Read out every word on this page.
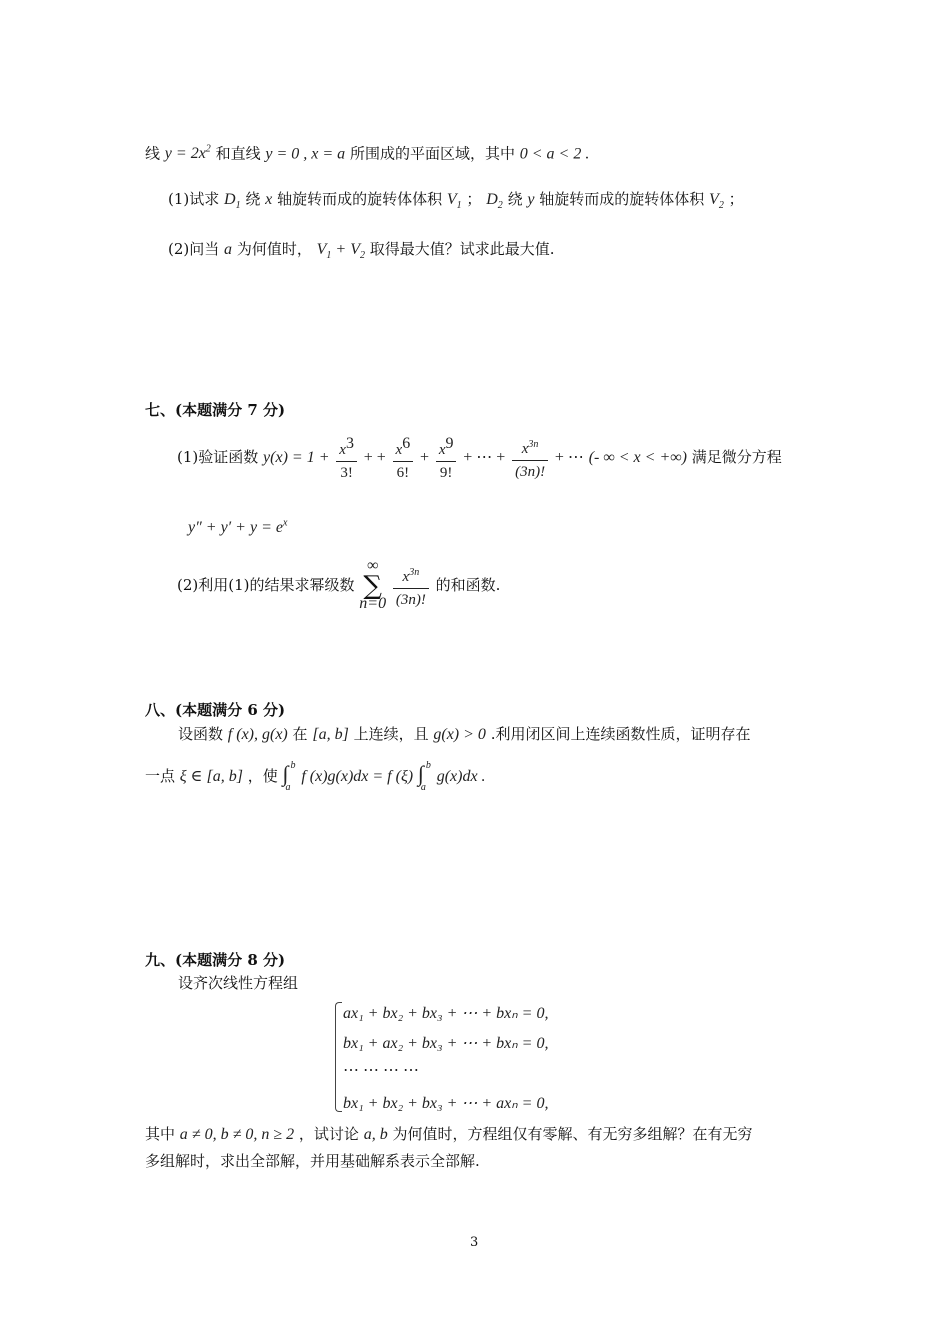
线 $y = 2x^2$ 和直线 y = 0 , x = a 所围成的平面区域，其中 0 < a < 2 .
(1)试求 $D_1$ 绕 x 轴旋转而成的旋转体体积 $V_1$ ； $D_2$ 绕 y 轴旋转而成的旋转体体积 $V_2$ ；
(2)问当 a 为何值时， $V_1 + V_2$ 取得最大值？试求此最大值.
七、(本题满分 7 分)
(1)验证函数 $y(x) = 1 + \frac{x^3}{3!}$ + + $\frac{x^6}{6!} + \frac{x^9}{9!}$ + ⋯ + $\frac{x^{3n}}{(3n)!}$ + ⋯ (- ∞ < x < +∞) 满足微分方程
$y'' + y' + y = e^x$
(2)利用(1)的结果求幂级数 ∞
∑
$n=0 \frac{x^{3n}}{(3n)!}$ 的和函数.
八、(本题满分 6 分)
设函数 f (x), g(x) 在 [a, b] 上连续，且 g(x) > 0 .利用闭区间上连续函数性质，证明存在
一点 ξ ∈ [a, b] ，使 ∫ b
a
f (x)g(x)dx = f (ξ) ∫ b
a
g(x)dx .
九、(本题满分 8 分)
设齐次线性方程组
ax₁ + bx₂ + bx₃ + ⋯ + bxₙ = 0,
bx₁ + ax₂ + bx₃ + ⋯ + bxₙ = 0,
⋯ ⋯ ⋯ ⋯
bx₁ + bx₂ + bx₃ + ⋯ + axₙ = 0,
其中 a ≠ 0, b ≠ 0, n ≥ 2 ，试讨论 a, b 为何值时，方程组仅有零解、有无穷多组解？在有无穷
多组解时，求出全部解，并用基础解系表示全部解.
3
